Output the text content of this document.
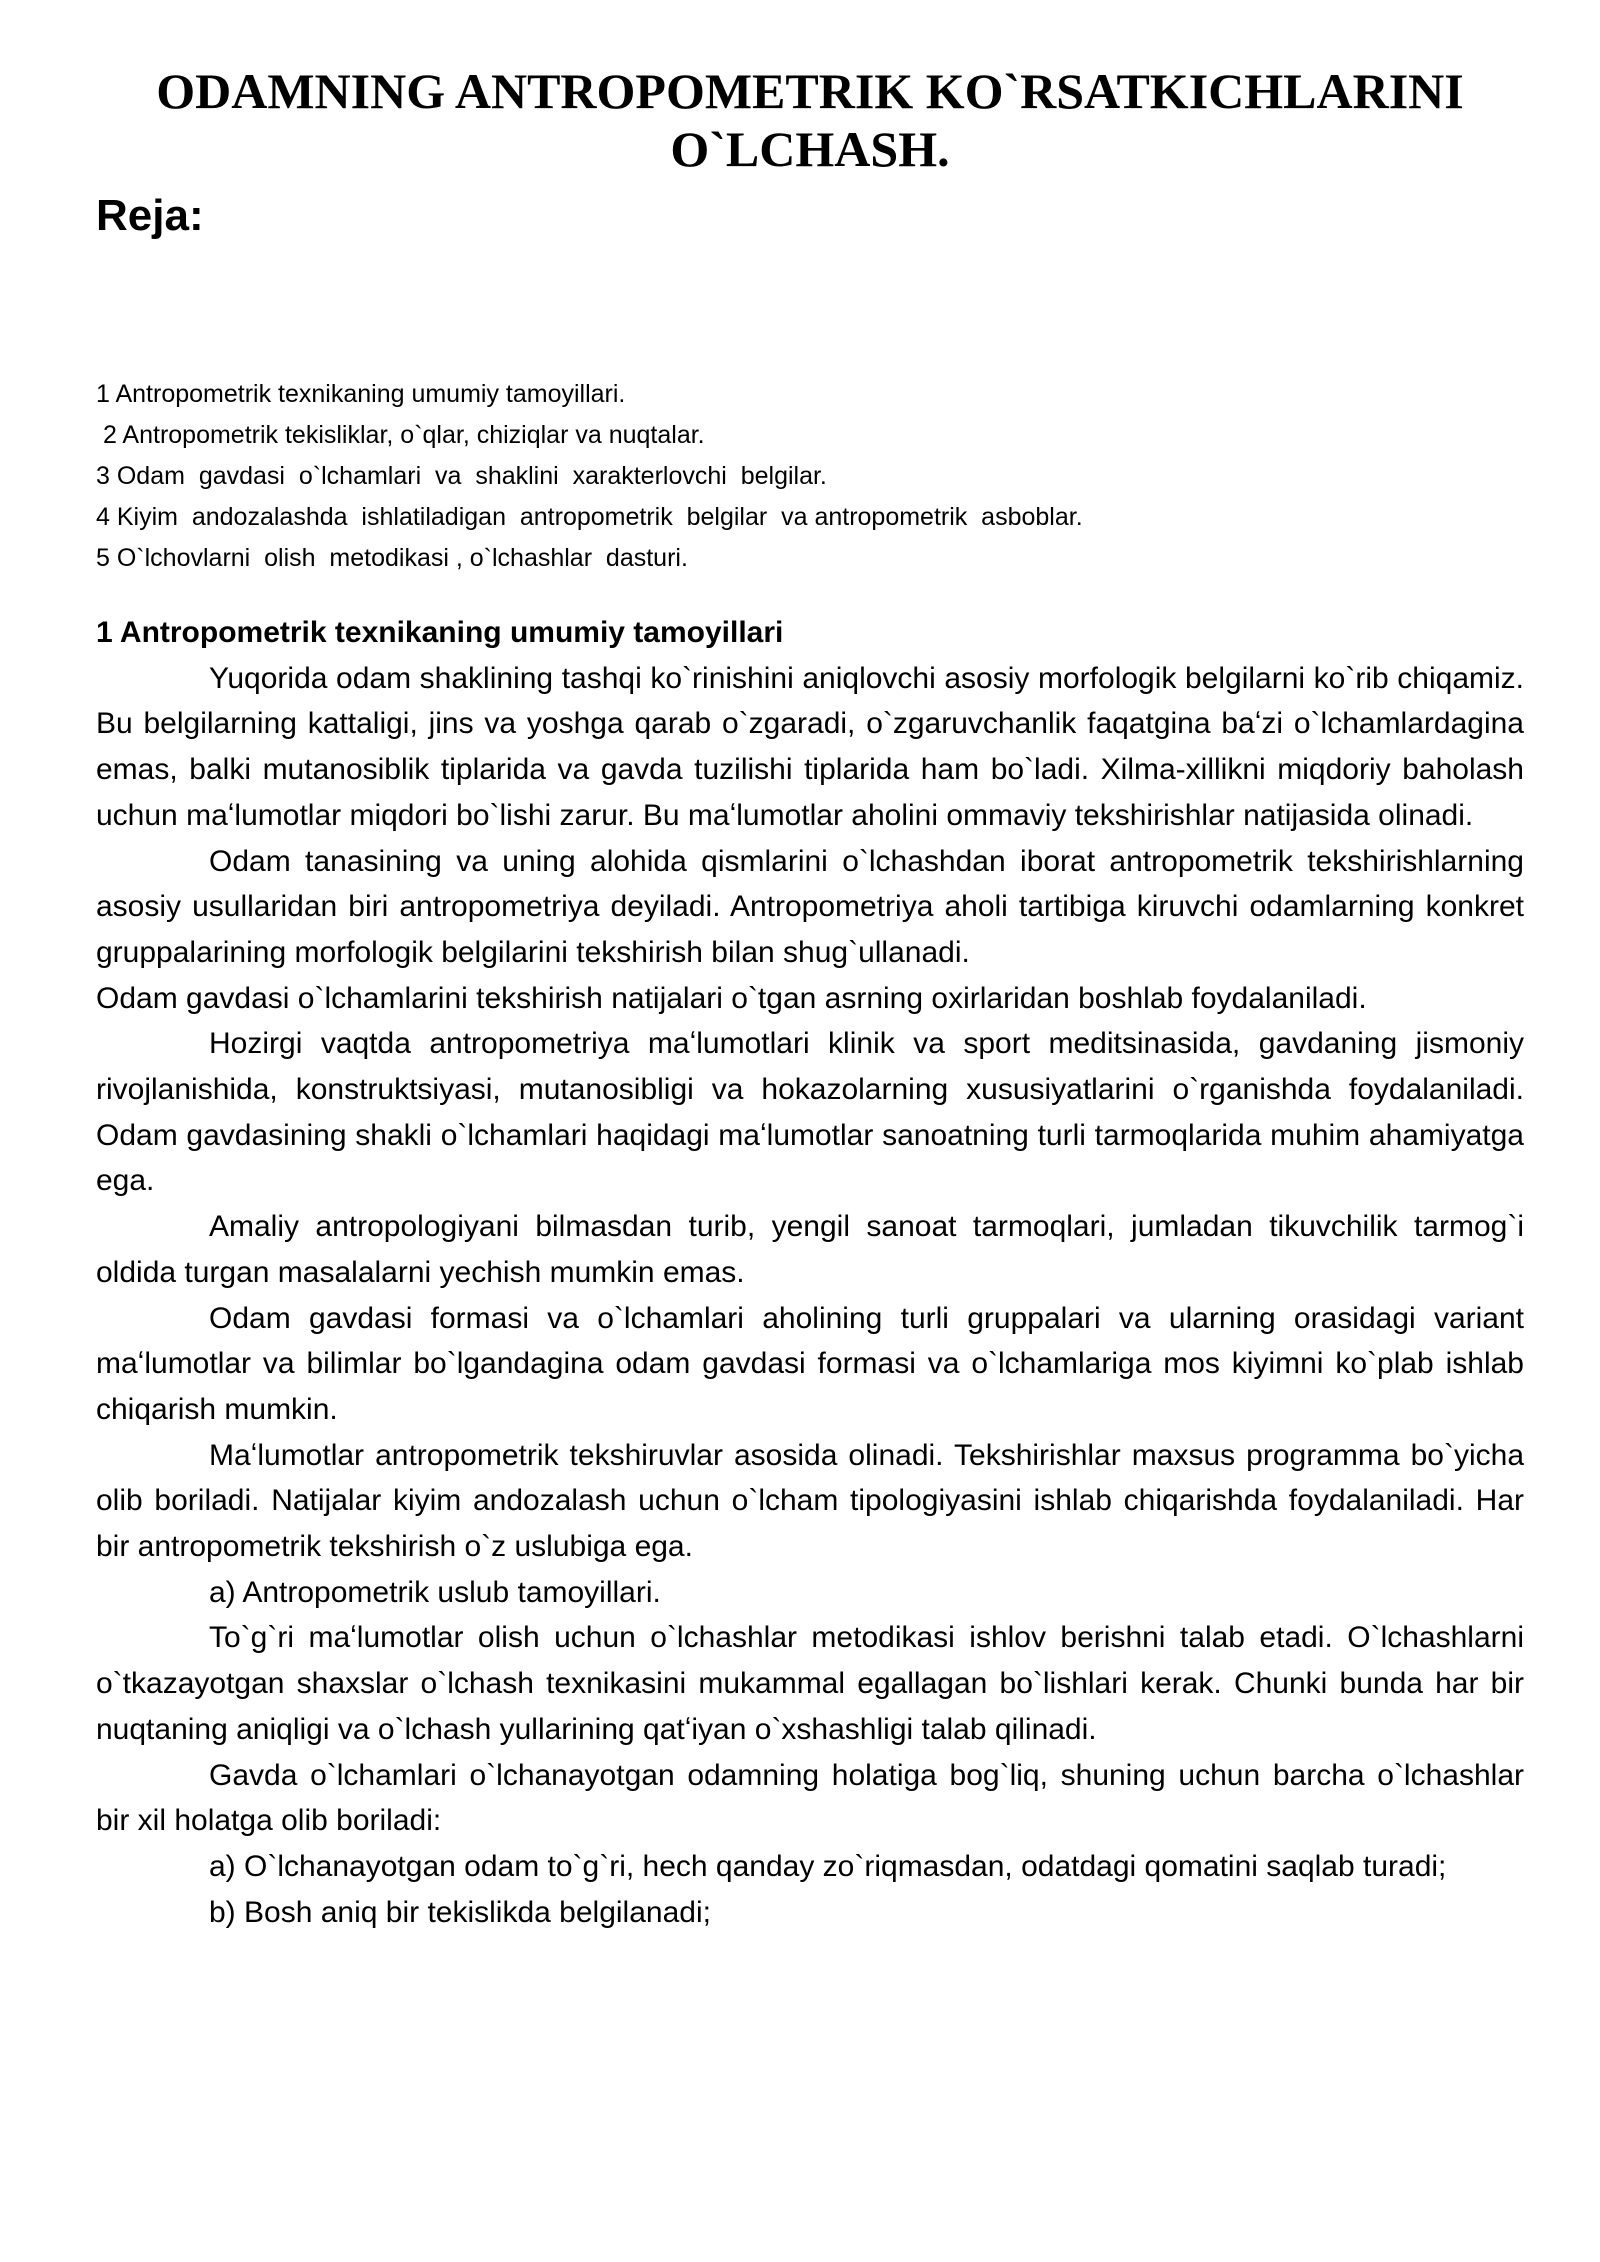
ODAMNING ANTROPOMETRIK KO`RSATKICHLARINI O`LCHASH.
Reja:
1 Antropometrik texnikaning umumiy tamoyillari.
2 Antropometrik tekisliklar, o`qlar, chiziqlar va nuqtalar.
3 Odam  gavdasi  o`lchamlari  va  shaklini  xarakterlovchi  belgilar.
4 Kiyim  andozalashda  ishlatiladigan  antropometrik  belgilar  va antropometrik  asboblar.
5 O`lchovlarni  olish  metodikasi , o`lchashlar  dasturi.

1 Antropometrik texnikaning umumiy tamoyillari

Yuqorida odam shaklining tashqi ko`rinishini aniqlovchi asosiy morfologik belgilarni ko`rib chiqamiz. Bu belgilarning kattaligi, jins va yoshga qarab o`zgaradi, o`zgaruvchanlik faqatgina baʻzi o`lchamlardagina emas, balki mutanosiblik tiplarida va gavda tuzilishi tiplarida ham bo`ladi. Xilma-xillikni miqdoriy baholash uchun maʻlumotlar miqdori bo`lishi zarur. Bu maʻlumotlar aholini ommaviy tekshirishlar natijasida olinadi.

Odam tanasining va uning alohida qismlarini o`lchashdan iborat antropometrik tekshirishlarning asosiy usullaridan biri antropometriya deyiladi. Antropometriya aholi tartibiga kiruvchi odamlarning konkret gruppalarining morfologik belgilarini tekshirish bilan shug`ullanadi.

Odam gavdasi o`lchamlarini tekshirish natijalari o`tgan asrning oxirlaridan boshlab foydalaniladi.

Hozirgi vaqtda antropometriya maʻlumotlari klinik va sport meditsinasida, gavdaning jismoniy rivojlanishida, konstruktsiyasi, mutanosibligi va hokazolarning xususiyatlarini o`rganishda foydalaniladi. Odam gavdasining shakli o`lchamlari haqidagi maʻlumotlar sanoatning turli tarmoqlarida muhim ahamiyatga ega.

Amaliy antropologiyani bilmasdan turib, yengil sanoat tarmoqlari, jumladan tikuvchilik tarmog`i oldida turgan masalalarni yechish mumkin emas.

Odam gavdasi formasi va o`lchamlari aholining turli gruppalari va ularning orasidagi variant maʻlumotlar va bilimlar bo`lgandagina odam gavdasi formasi va o`lchamlariga mos kiyimni ko`plab ishlab chiqarish mumkin.

Maʻlumotlar antropometrik tekshiruvlar asosida olinadi. Tekshirishlar maxsus programma bo`yicha olib boriladi. Natijalar kiyim andozalash uchun o`lcham tipologiyasini ishlab chiqarishda foydalaniladi. Har bir antropometrik tekshirish o`z uslubiga ega.

a) Antropometrik uslub tamoyillari.

To`g`ri maʻlumotlar olish uchun o`lchashlar metodikasi ishlov berishni talab etadi. O`lchashlarni o`tkazayotgan shaxslar o`lchash texnikasini mukammal egallagan bo`lishlari kerak. Chunki bunda har bir nuqtaning aniqligi va o`lchash yullarining qatʻiyan o`xshashligi talab qilinadi.

Gavda o`lchamlari o`lchanayotgan odamning holatiga bog`liq, shuning uchun barcha o`lchashlar bir xil holatga olib boriladi:

a) O`lchanayotgan odam to`g`ri, hech qanday zo`riqmasdan, odatdagi qomatini saqlab turadi;

b) Bosh aniq bir tekislikda belgilanadi;
